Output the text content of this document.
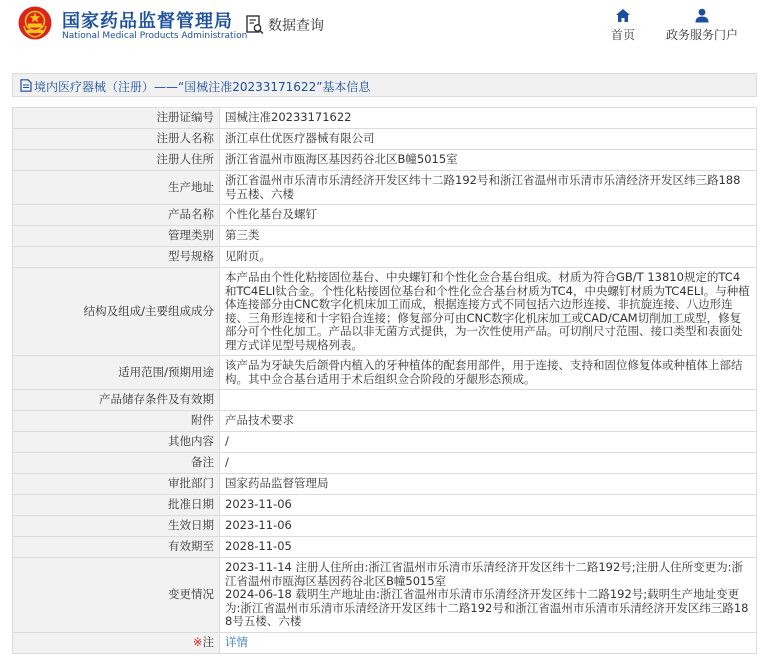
国家药品监督管理局
National Medical Products Administration
数据查询
首页	政务服务门户
境内医疗器械（注册）——“国械注准20233171622”基本信息
注册证编号	国械注准20233171622
注册人名称	浙江卓仕优医疗器械有限公司
注册人住所	浙江省温州市瓯海区基因药谷北区B幢5015室
生产地址	浙江省温州市乐清市乐清经济开发区纬十二路192号和浙江省温州市乐清市乐清经济开发区纬三路188号五楼、六楼
产品名称	个性化基台及螺钉
管理类别	第三类
型号规格	见附页。
结构及组成/主要组成成分	本产品由个性化粘接固位基台、中央螺钉和个性化佥合基台组成。材质为符合GB/T 13810规定的TC4和TC4ELI钛合金。个性化粘接固位基台和个性化佥合基台材质为TC4，中央螺钉材质为TC4ELI。与种植体连接部分由CNC数字化机床加工而成，根据连接方式不同包括六边形连接、非抗旋连接、八边形连接、三角形连接和十字铅合连接；修复部分可由CNC数字化机床加工或CAD/CAM切削加工成型，修复部分可个性化加工。产品以非无菌方式提供，为一次性使用产品。可切削尺寸范围、接口类型和表面处理方式详见型号规格列表。
适用范围/预期用途	该产品为牙缺失后颌骨内植入的牙种植体的配套用部件，用于连接、支持和固位修复体或种植体上部结构。其中佥合基台适用于术后组织佥合阶段的牙龈形态预成。
产品储存条件及有效期	
附件	产品技术要求
其他内容	/
备注	/
审批部门	国家药品监督管理局
批准日期	2023-11-06
生效日期	2023-11-06
有效期至	2028-11-05
变更情况	2023-11-14 注册人住所由:浙江省温州市乐清市乐清经济开发区纬十二路192号;注册人住所变更为:浙江省温州市瓯海区基因药谷北区B幢5015室
2024-06-18 载明生产地址由:浙江省温州市乐清市乐清经济开发区纬十二路192号;载明生产地址变更为:浙江省温州市乐清市乐清经济开发区纬十二路192号和浙江省温州市乐清市乐清经济开发区纬三路188号五楼、六楼

※注	详情
